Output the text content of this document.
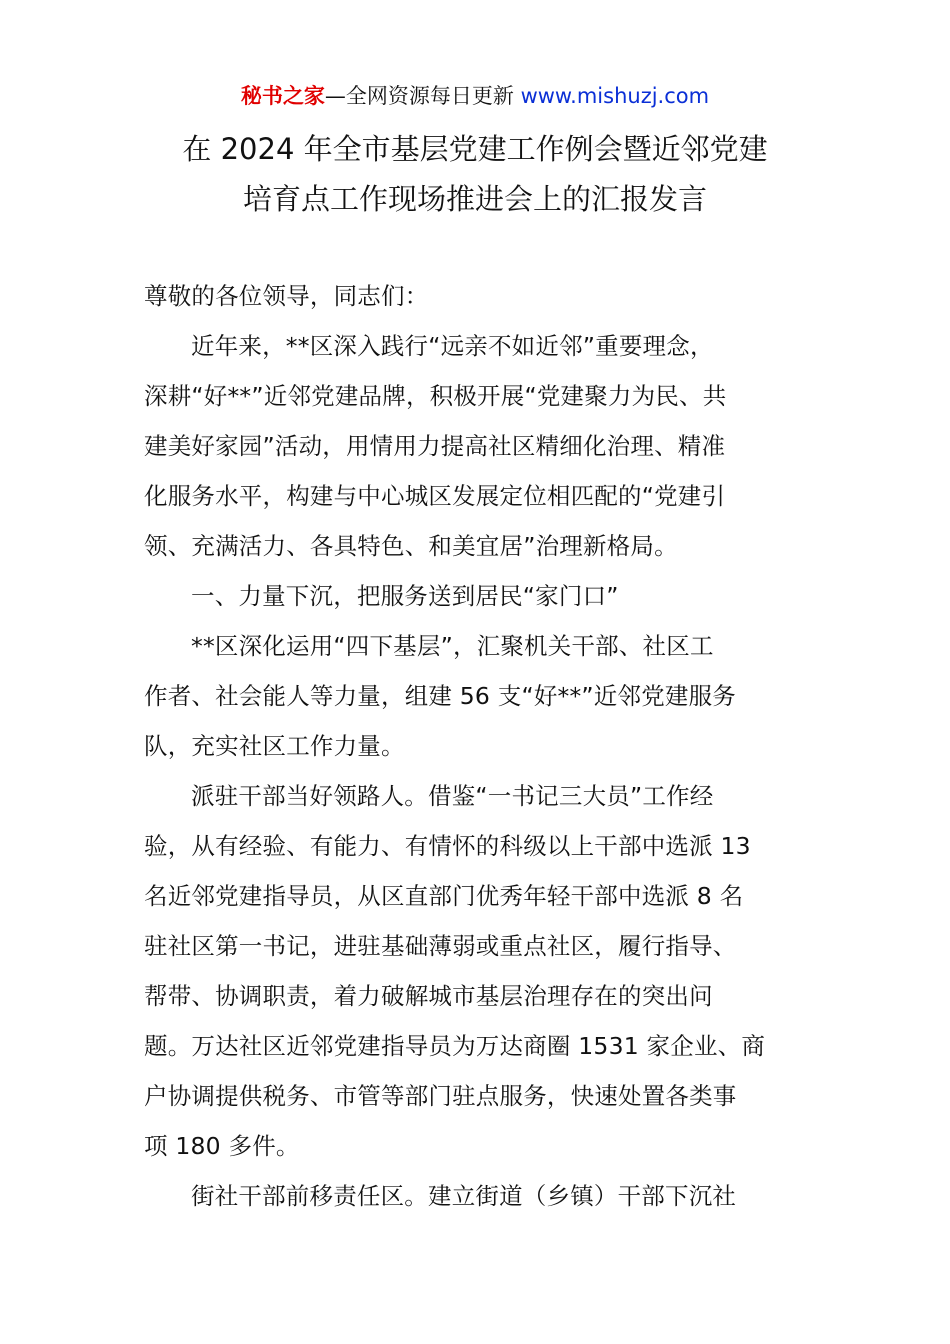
秘书之家—全网资源每日更新 www.mishuzj.com
在 2024 年全市基层党建工作例会暨近邻党建
培育点工作现场推进会上的汇报发言
尊敬的各位领导，同志们：
近年来，**区深入践行“远亲不如近邻”重要理念，
深耕“好**”近邻党建品牌，积极开展“党建聚力为民、共
建美好家园”活动，用情用力提高社区精细化治理、精准
化服务水平，构建与中心城区发展定位相匹配的“党建引
领、充满活力、各具特色、和美宜居”治理新格局。
一、力量下沉，把服务送到居民“家门口”
**区深化运用“四下基层”，汇聚机关干部、社区工
作者、社会能人等力量，组建 56 支“好**”近邻党建服务
队，充实社区工作力量。
派驻干部当好领路人。借鉴“一书记三大员”工作经
验，从有经验、有能力、有情怀的科级以上干部中选派 13
名近邻党建指导员，从区直部门优秀年轻干部中选派 8 名
驻社区第一书记，进驻基础薄弱或重点社区，履行指导、
帮带、协调职责，着力破解城市基层治理存在的突出问
题。万达社区近邻党建指导员为万达商圈 1531 家企业、商
户协调提供税务、市管等部门驻点服务，快速处置各类事
项 180 多件。
街社干部前移责任区。建立街道（乡镇）干部下沉社
